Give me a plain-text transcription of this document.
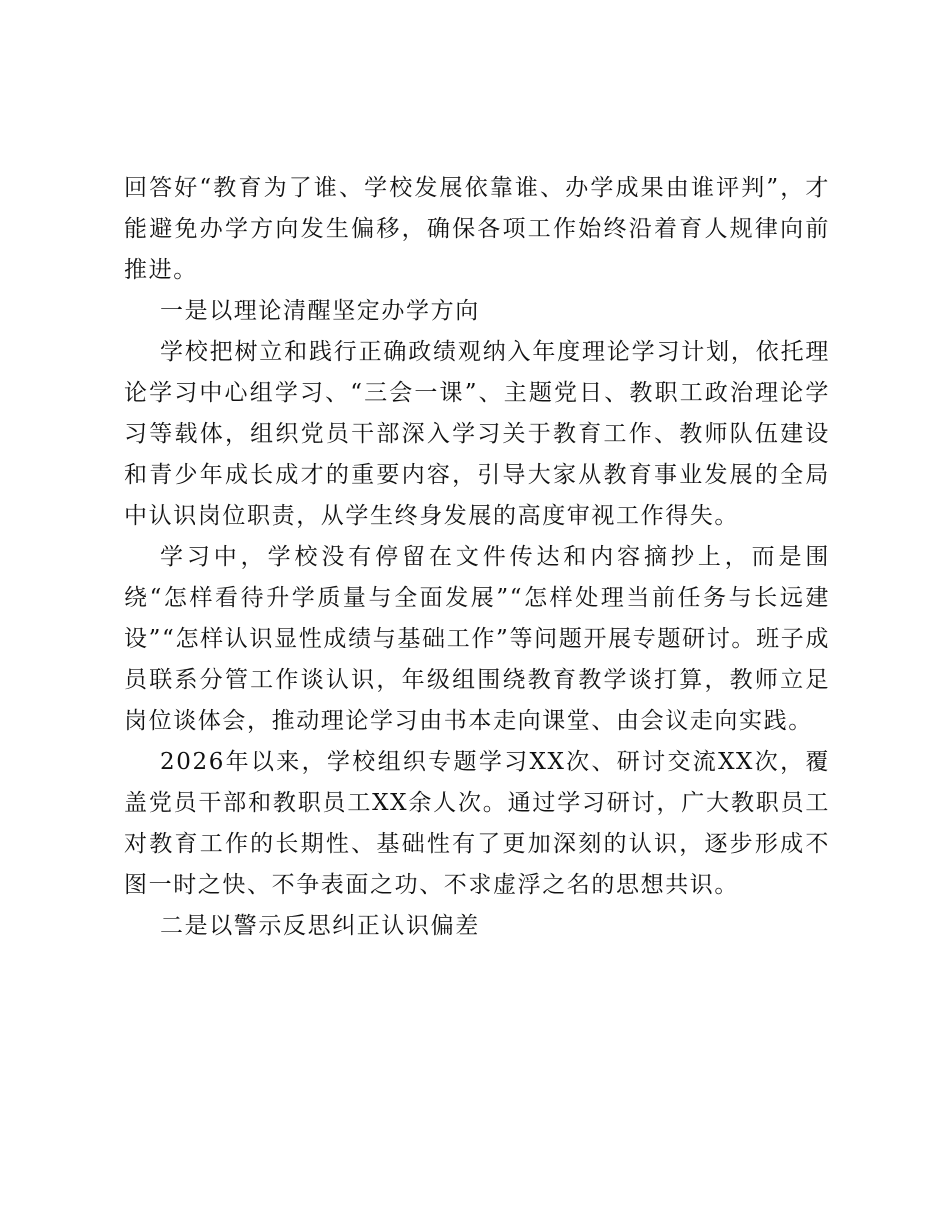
回答好“教育为了谁、学校发展依靠谁、办学成果由谁评判”，才能避免办学方向发生偏移，确保各项工作始终沿着育人规律向前推进。

一是以理论清醒坚定办学方向

学校把树立和践行正确政绩观纳入年度理论学习计划，依托理论学习中心组学习、“三会一课”、主题党日、教职工政治理论学习等载体，组织党员干部深入学习关于教育工作、教师队伍建设和青少年成长成才的重要内容，引导大家从教育事业发展的全局中认识岗位职责，从学生终身发展的高度审视工作得失。

学习中，学校没有停留在文件传达和内容摘抄上，而是围绕“怎样看待升学质量与全面发展”“怎样处理当前任务与长远建设”“怎样认识显性成绩与基础工作”等问题开展专题研讨。班子成员联系分管工作谈认识，年级组围绕教育教学谈打算，教师立足岗位谈体会，推动理论学习由书本走向课堂、由会议走向实践。

2026年以来，学校组织专题学习XX次、研讨交流XX次，覆盖党员干部和教职员工XX余人次。通过学习研讨，广大教职员工对教育工作的长期性、基础性有了更加深刻的认识，逐步形成不图一时之快、不争表面之功、不求虚浮之名的思想共识。

二是以警示反思纠正认识偏差
